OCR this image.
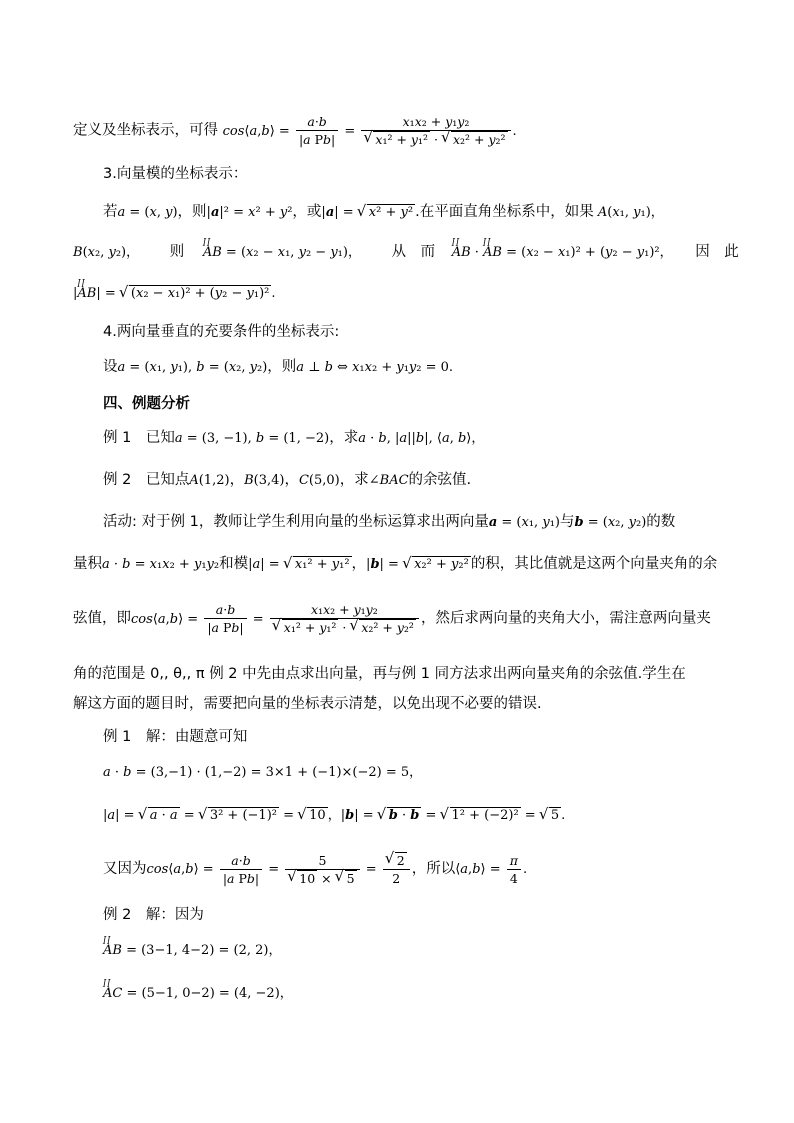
定义及坐标表示，可得 cos⟨a,b⟩ = $\frac{a\cdot b}{\text{|a Pb|}} = x_1x_2 + y_1y_2$
√ x₁² + y₁² · √ x₂² + y₂² .
3.向量模的坐标表示：
若a = (x, y)，则|a|² = x² + y²，或|a| = √ x² + y² .在平面直角坐标系中，如果 A(x₁, y₁)，
B(x₂, y₂)， 则 ꟾꟾ AB = (x₂ − x₁, y₂ − y₁)， 从　而 ꟾꟾ AB · ꟾꟾ AB = (x₂ − x₁)² + (y₂ − y₁)²， 因　此
|ꟾꟾ AB| = √ (x₂ − x₁)² + (y₂ − y₁)² .
4.两向量垂直的充要条件的坐标表示:
设a = (x₁, y₁), b = (x₂, y₂)，则a ⊥ b ⇔ x₁x₂ + y₁y₂ = 0.
四、例题分析
例 1　已知a = (3, −1), b = (1, −2)，求a · b, |a||b|, ⟨a, b⟩，
例 2　已知点A(1,2)，B(3,4)，C(5,0)，求∠BAC的余弦值.
活动: 对于例 1，教师让学生利用向量的坐标运算求出两向量a = (x₁, y₁)与b = (x₂, y₂)的数
量积a · b = x₁x₂ + y₁y₂和模|a| = √ x₁² + y₁² ，|b| = √ x₂² + y₂² 的积，其比值就是这两个向量夹角的余
弦值，即cos⟨a,b⟩ = $\frac{a\cdot b}{\text{|a Pb|}} = x_1x_2 + y_1y_2$
√ x₁² + y₁² · √ x₂² + y₂² ，然后求两向量的夹角大小，需注意两向量夹
角的范围是 0,, θ,, π 例 2 中先由点求出向量，再与例 1 同方法求出两向量夹角的余弦值.学生在
解这方面的题目时，需要把向量的坐标表示清楚，以免出现不必要的错误.
例 1　解：由题意可知
a · b = (3,−1) · (1,−2) = 3×1 + (−1)×(−2) = 5，
|a| = √ a · a = √ 3² + (−1)² = √ 10 ，|b| = √ b · b = √ 1² + (−2)² = √ 5 .
又因为cos⟨a,b⟩ = $\frac{a\cdot b}{\text{|a Pb|}} = 5$
√ 10 × √ 5 = √ $\frac{2}{2}$ ，所以⟨a,b⟩ = $\frac{\pi}{4}$ .
例 2　解：因为
ꟾꟾ AB = (3−1, 4−2) = (2, 2)，
ꟾꟾ AC = (5−1, 0−2) = (4, −2)，
